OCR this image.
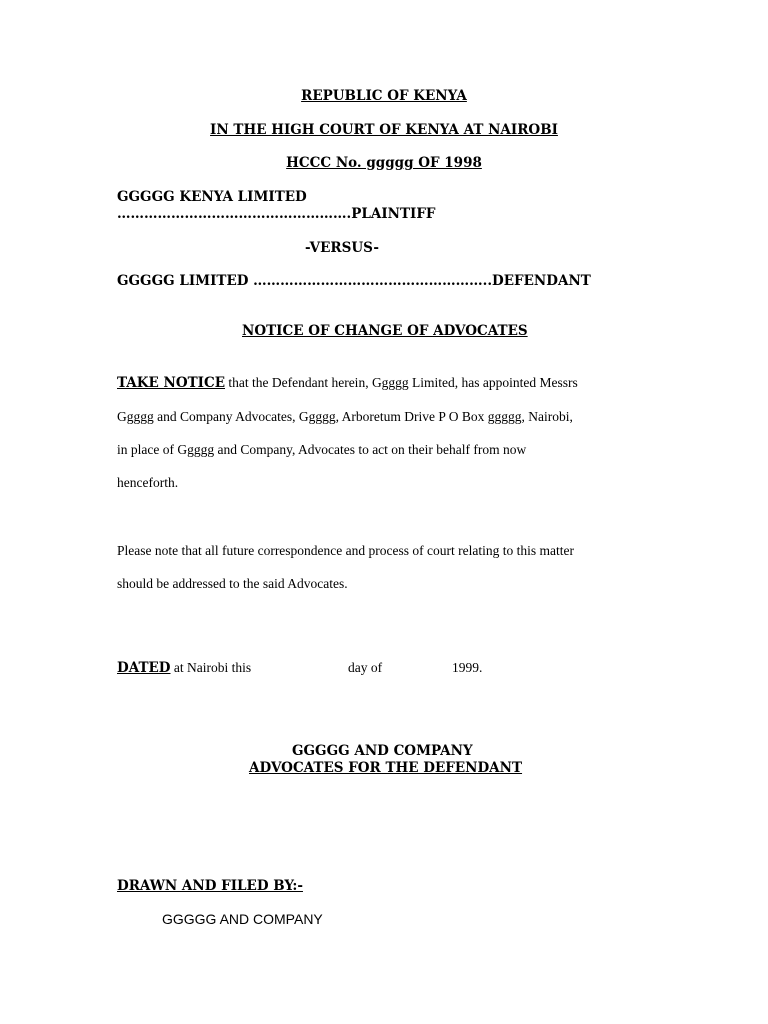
REPUBLIC OF KENYA
IN THE HIGH COURT OF KENYA AT NAIROBI
HCCC No. ggggg OF 1998
GGGGG KENYA LIMITED
…………………………………………….PLAINTIFF
-VERSUS-
GGGGG LIMITED ……………………………………………..DEFENDANT
NOTICE OF CHANGE OF ADVOCATES
TAKE NOTICE that the Defendant herein, Ggggg Limited, has appointed Messrs
Ggggg and Company Advocates, Ggggg, Arboretum Drive P O Box ggggg, Nairobi,
in place of Ggggg and Company, Advocates to act on their behalf from now
henceforth.
Please note that all future correspondence and process of court relating to this matter
should be addressed to the said Advocates.
DATED at Nairobi this	day of	1999.
GGGGG AND COMPANY
ADVOCATES FOR THE DEFENDANT
DRAWN AND FILED BY:-
GGGGG AND COMPANY
